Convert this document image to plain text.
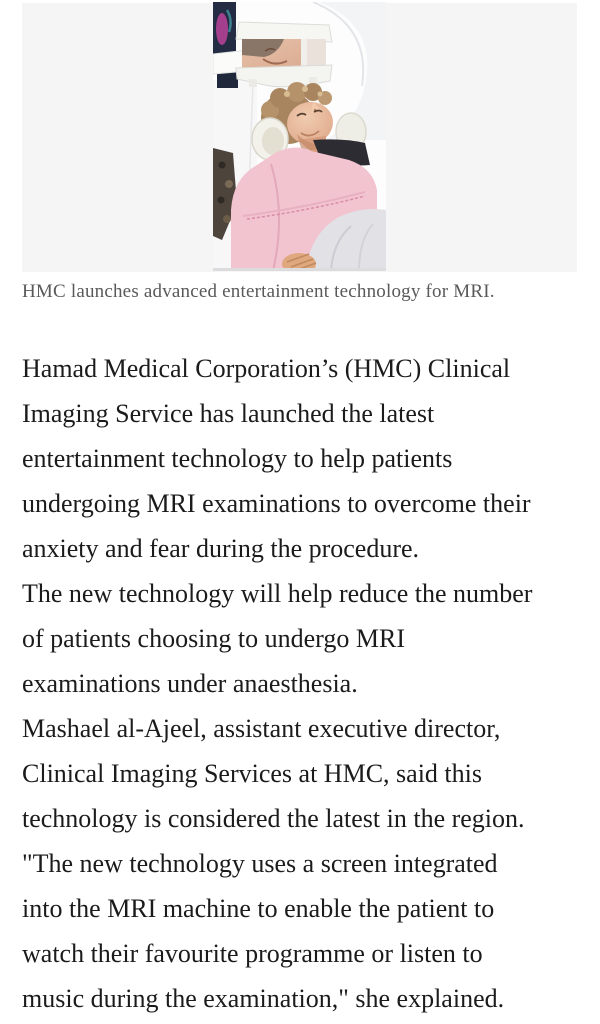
HMC launches advanced entertainment technology for MRI.

Hamad Medical Corporation’s (HMC) Clinical
Imaging Service has launched the latest
entertainment technology to help patients
undergoing MRI examinations to overcome their
anxiety and fear during the procedure.

The new technology will help reduce the number
of patients choosing to undergo MRI
examinations under anaesthesia.

Mashael al-Ajeel, assistant executive director,
Clinical Imaging Services at HMC, said this
technology is considered the latest in the region.

"The new technology uses a screen integrated
into the MRI machine to enable the patient to
watch their favourite programme or listen to
music during the examination," she explained.
